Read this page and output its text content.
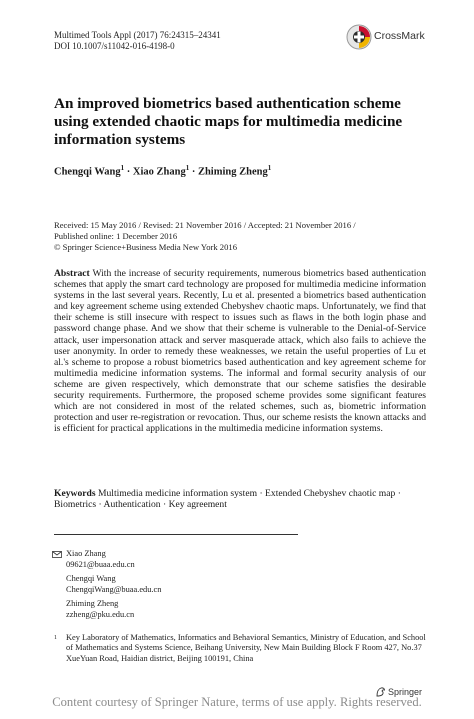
Multimed Tools Appl (2017) 76:24315–24341
DOI 10.1007/s11042-016-4198-0
CrossMark
An improved biometrics based authentication scheme
using extended chaotic maps for multimedia medicine
information systems
Chengqi Wang$^1$ · Xiao Zhang$^1$ · Zhiming Zheng$^1$
Received: 15 May 2016 / Revised: 21 November 2016 / Accepted: 21 November 2016 /
Published online: 1 December 2016
© Springer Science+Business Media New York 2016
Abstract With the increase of security requirements, numerous biometrics based authentication schemes that apply the smart card technology are proposed for multimedia medicine information systems in the last several years. Recently, Lu et al. presented a biometrics based authentication and key agreement scheme using extended Chebyshev chaotic maps. Unfortunately, we find that their scheme is still insecure with respect to issues such as flaws in the both login phase and password change phase. And we show that their scheme is vulnerable to the Denial-of-Service attack, user impersonation attack and server masquerade attack, which also fails to achieve the user anonymity. In order to remedy these weaknesses, we retain the useful properties of Lu et al.'s scheme to propose a robust biometrics based authentication and key agreement scheme for multimedia medicine information systems. The informal and formal security analysis of our scheme are given respectively, which demonstrate that our scheme satisfies the desirable security requirements. Furthermore, the proposed scheme provides some significant features which are not considered in most of the related schemes, such as, biometric information protection and user re-registration or revocation. Thus, our scheme resists the known attacks and is efficient for practical applications in the multimedia medicine information systems.
Keywords Multimedia medicine information system · Extended Chebyshev chaotic map · Biometrics · Authentication · Key agreement
Xiao Zhang
09621@buaa.edu.cn
Chengqi Wang
ChengqiWang@buaa.edu.cn
Zhiming Zheng
zzheng@pku.edu.cn
1 Key Laboratory of Mathematics, Informatics and Behavioral Semantics, Ministry of Education, and School of Mathematics and Systems Science, Beihang University, New Main Building Block F Room 427, No.37 XueYuan Road, Haidian district, Beijing 100191, China
Springer
Content courtesy of Springer Nature, terms of use apply. Rights reserved.
